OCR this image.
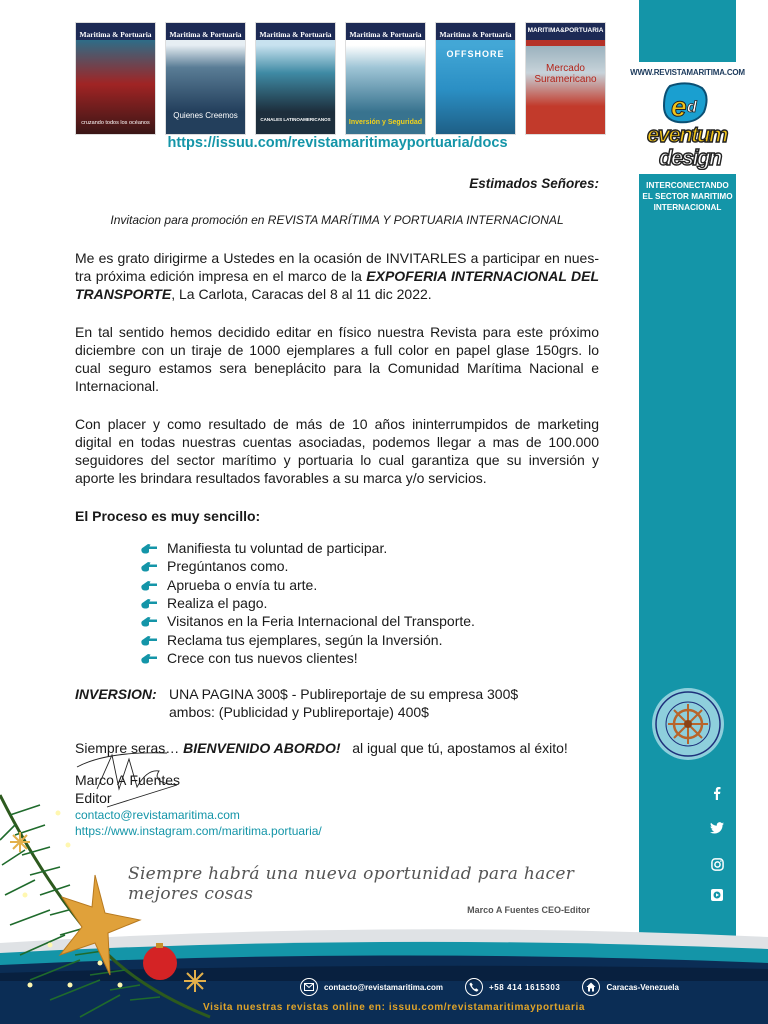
WWW.REVISTAMARITIMA.COM
e d
eventum
design
INTERCONECTANDO
EL SECTOR MARITIMO
INTERNACIONAL
Maritima & Portuaria
cruzando todos los océanos
Maritima & Portuaria
Quienes Creemos
Maritima & Portuaria
CANALES LATINOAMERICANOS
Maritima & Portuaria
Inversión y Seguridad
Maritima & Portuaria
OFFSHORE
MARITIMA&PORTUARIA
Mercado Suramericano
https://issuu.com/revistamaritimayportuaria/docs
Estimados Señores:
Invitacion para promoción en REVISTA MARÍTIMA Y PORTUARIA INTERNACIONAL

Me es grato dirigirme a Ustedes en la ocasión de INVITARLES a participar en nues-tra próxima edición impresa en el marco de la EXPOFERIA INTERNACIONAL DEL TRANSPORTE, La Carlota, Caracas del 8 al 11 dic 2022.

En tal sentido hemos decidido editar en físico nuestra Revista para este próximo diciembre con un tiraje de 1000 ejemplares a full color en papel glase 150grs. lo cual seguro estamos sera beneplácito para la Comunidad Marítima Nacional e Internacional.

Con placer y como resultado de más de 10 años ininterrumpidos de marketing digital en todas nuestras cuentas asociadas, podemos llegar a mas de 100.000 seguidores del sector marítimo y portuaria lo cual garantiza que su inversión y aporte les brindara resultados favorables a su marca y/o servicios.

El Proceso es muy sencillo:
Manifiesta tu voluntad de participar.
Pregúntanos como.
Aprueba o envía tu arte.
Realiza el pago.
Visitanos en la Feria Internacional del Transporte.
Reclama tus ejemplares, según la Inversión.
Crece con tus nuevos clientes!
INVERSION: UNA PAGINA 300$ - Publireportaje de su empresa 300$
ambos: (Publicidad y Publireportaje) 400$

Siempre seras… BIENVENIDO ABORDO!   al igual que tú, apostamos al éxito!

Marco A Fuentes
Editor
contacto@revistamaritima.com
https://www.instagram.com/maritima.portuaria/
Siempre habrá una nueva oportunidad para hacer mejores cosas
Marco A Fuentes CEO-Editor
contacto@revistamaritima.com	+58 414 1615303	Caracas-Venezuela
Visita nuestras revistas online en: issuu.com/revistamaritimayportuaria
